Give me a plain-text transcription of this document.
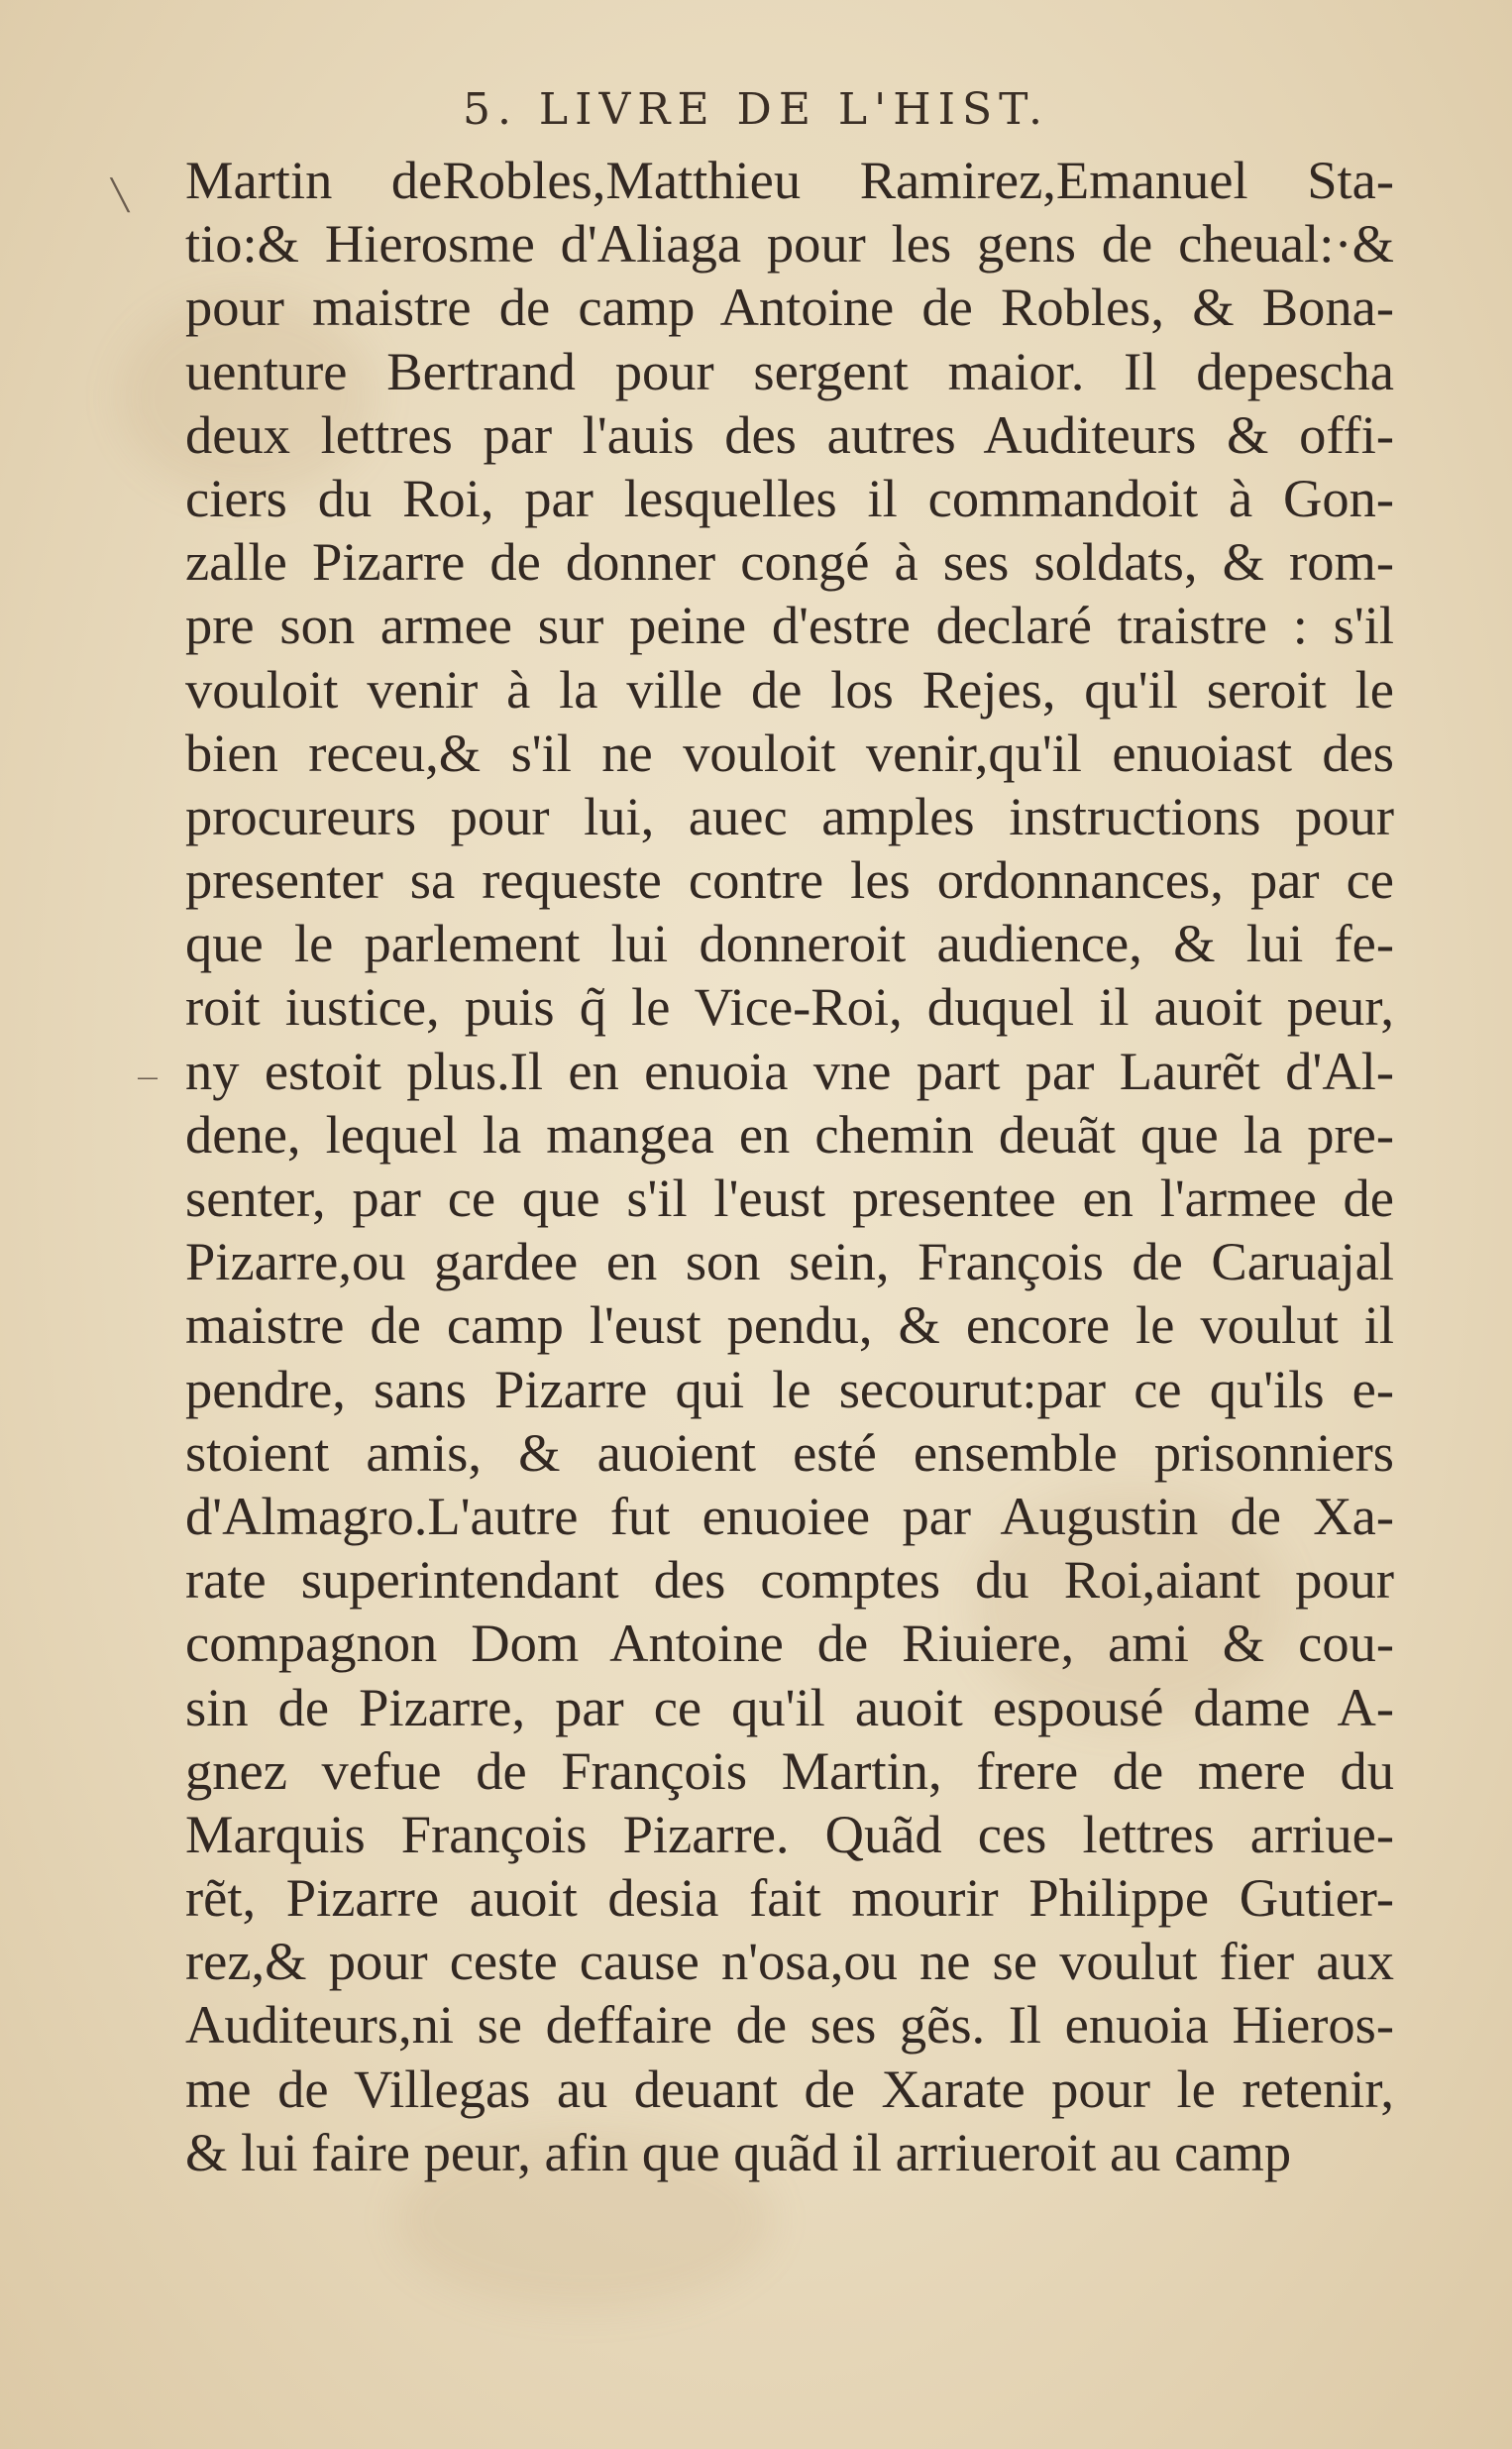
╲
—
5. LIVRE DE L'HIST.
Martin deRobles,Matthieu Ramirez,Emanuel Sta-
tio:& Hierosme d'Aliaga pour les gens de cheual:·&
pour maistre de camp Antoine de Robles, & Bona-
uenture Bertrand pour sergent maior. Il depescha
deux lettres par l'auis des autres Auditeurs & offi-
ciers du Roi, par lesquelles il commandoit à Gon-
zalle Pizarre de donner congé à ses soldats, & rom-
pre son armee sur peine d'estre declaré traistre : s'il
vouloit venir à la ville de los Rejes, qu'il seroit le
bien receu,& s'il ne vouloit venir,qu'il enuoiast des
procureurs pour lui, auec amples instructions pour
presenter sa requeste contre les ordonnances, par ce
que le parlement lui donneroit audience, & lui fe-
roit iustice, puis q̃ le Vice-Roi, duquel il auoit peur,
ny estoit plus.Il en enuoia vne part par Laurẽt d'Al-
dene, lequel la mangea en chemin deuãt que la pre-
senter, par ce que s'il l'eust presentee en l'armee de
Pizarre,ou gardee en son sein, François de Caruajal
maistre de camp l'eust pendu, & encore le voulut il
pendre, sans Pizarre qui le secourut:par ce qu'ils e-
stoient amis, & auoient esté ensemble prisonniers
d'Almagro.L'autre fut enuoiee par Augustin de Xa-
rate superintendant des comptes du Roi,aiant pour
compagnon Dom Antoine de Riuiere, ami & cou-
sin de Pizarre, par ce qu'il auoit espousé dame A-
gnez vefue de François Martin, frere de mere du
Marquis François Pizarre. Quãd ces lettres arriue-
rẽt, Pizarre auoit desia fait mourir Philippe Gutier-
rez,& pour ceste cause n'osa,ou ne se voulut fier aux
Auditeurs,ni se deffaire de ses gẽs. Il enuoia Hieros-
me de Villegas au deuant de Xarate pour le retenir,
& lui faire peur, afin que quãd il arriueroit au camp
